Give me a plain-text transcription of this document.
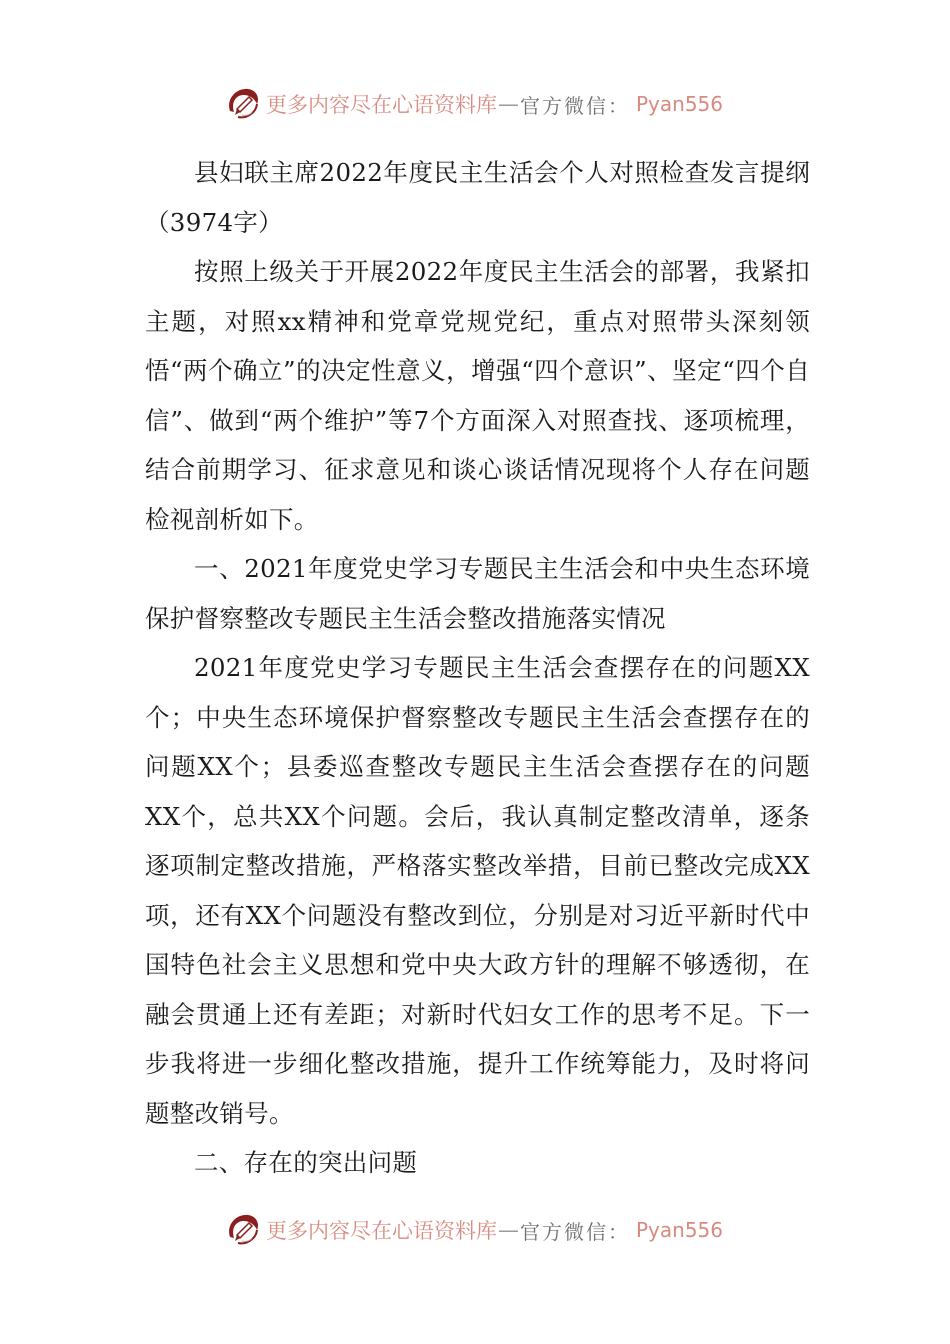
更多内容尽在心语资料库 — 官方微信： Pyan556

县妇联主席2022年度民主生活会个人对照检查发言提纲（3974字）

按照上级关于开展2022年度民主生活会的部署，我紧扣主题，对照xx精神和党章党规党纪，重点对照带头深刻领悟“两个确立”的决定性意义，增强“四个意识”、坚定“四个自信”、做到“两个维护”等7个方面深入对照查找、逐项梳理，结合前期学习、征求意见和谈心谈话情况现将个人存在问题检视剖析如下。

一、2021年度党史学习专题民主生活会和中央生态环境保护督察整改专题民主生活会整改措施落实情况

2021年度党史学习专题民主生活会查摆存在的问题XX个；中央生态环境保护督察整改专题民主生活会查摆存在的问题XX个；县委巡查整改专题民主生活会查摆存在的问题XX个，总共XX个问题。会后，我认真制定整改清单，逐条逐项制定整改措施，严格落实整改举措，目前已整改完成XX项，还有XX个问题没有整改到位，分别是对习近平新时代中国特色社会主义思想和党中央大政方针的理解不够透彻，在融会贯通上还有差距；对新时代妇女工作的思考不足。下一步我将进一步细化整改措施，提升工作统筹能力，及时将问题整改销号。

二、存在的突出问题

更多内容尽在心语资料库 — 官方微信： Pyan556
